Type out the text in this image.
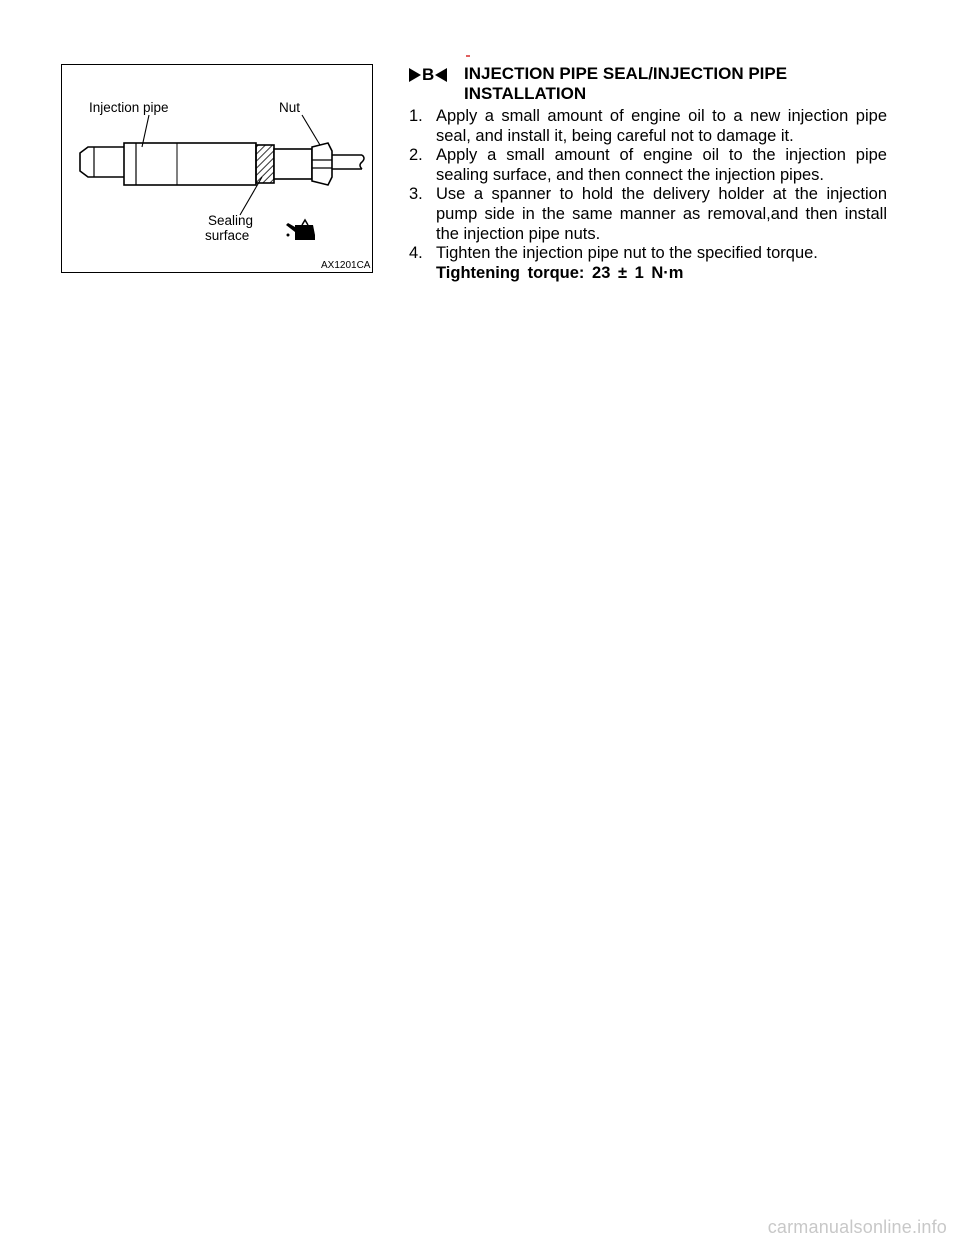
Injection pipe	Nut
Sealing
surface
AX1201CA
B INJECTION PIPE SEAL/INJECTION PIPE
INSTALLATION
1. Apply a small amount of engine oil to a new injection pipe seal, and install it, being careful not to damage it.
2. Apply a small amount of engine oil to the injection pipe sealing surface, and then connect the injection pipes.
3. Use a spanner to hold the delivery holder at the injection pump side in the same manner as removal,and then install the injection pipe nuts.
4. Tighten the injection pipe nut to the specified torque.
Tightening torque: 23 ± 1 N·m
carmanualsonline.info
